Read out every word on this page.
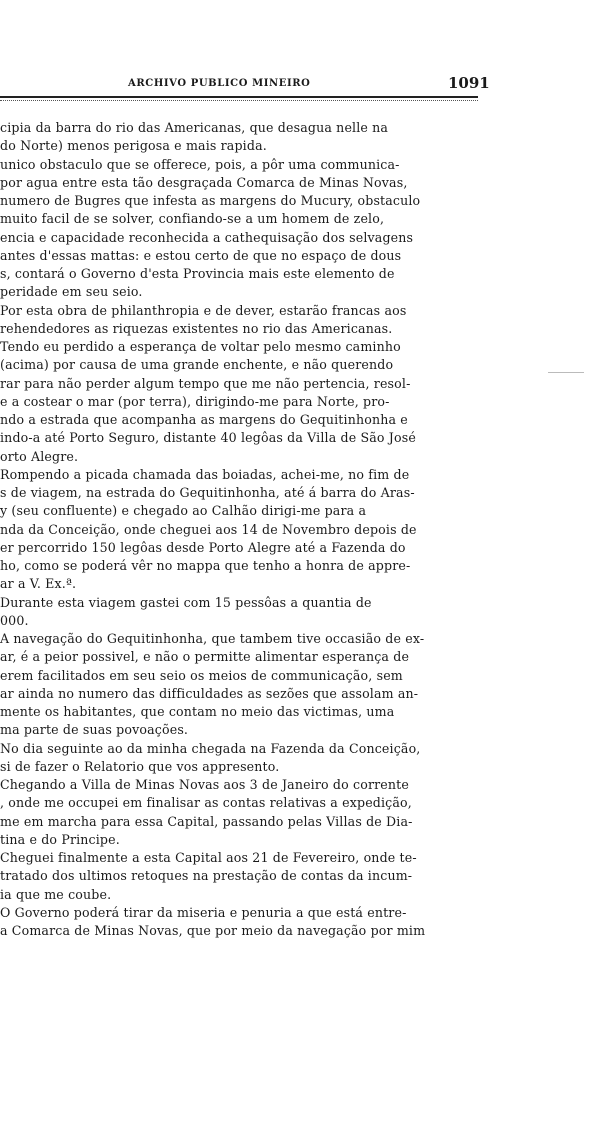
ARCHIVO PUBLICO MINEIRO	1091
cipia da barra do rio das Americanas, que desagua nelle na
do Norte) menos perigosa e mais rapida.
unico obstaculo que se offerece, pois, a pôr uma communica-
por agua entre esta tão desgraçada Comarca de Minas Novas,
numero de Bugres que infesta as margens do Mucury, obstaculo
muito facil de se solver, confiando-se a um homem de zelo,
encia e capacidade reconhecida a cathequisação dos selvagens
antes d'essas mattas: e estou certo de que no espaço de dous
s, contará o Governo d'esta Provincia mais este elemento de
peridade em seu seio.
Por esta obra de philanthropia e de dever, estarão francas aos
rehendedores as riquezas existentes no rio das Americanas.
Tendo eu perdido a esperança de voltar pelo mesmo caminho
(acima) por causa de uma grande enchente, e não querendo
rar para não perder algum tempo que me não pertencia, resol-
e a costear o mar (por terra), dirigindo-me para Norte, pro-
ndo a estrada que acompanha as margens do Gequitinhonha e
indo-a até Porto Seguro, distante 40 legôas da Villa de São José
orto Alegre.
Rompendo a picada chamada das boiadas, achei-me, no fim de
s de viagem, na estrada do Gequitinhonha, até á barra do Aras-
y (seu confluente) e chegado ao Calhão dirigi-me para a
nda da Conceição, onde cheguei aos 14 de Novembro depois de
er percorrido 150 legôas desde Porto Alegre até a Fazenda do
ho, como se poderá vêr no mappa que tenho a honra de appre-
ar a V. Ex.ª.
Durante esta viagem gastei com 15 pessôas a quantia de
000.
A navegação do Gequitinhonha, que tambem tive occasião de ex-
ar, é a peior possivel, e não o permitte alimentar esperança de
erem facilitados em seu seio os meios de communicação, sem
ar ainda no numero das difficuldades as sezões que assolam an-
mente os habitantes, que contam no meio das victimas, uma
ma parte de suas povoações.
No dia seguinte ao da minha chegada na Fazenda da Conceição,
si de fazer o Relatorio que vos appresento.
Chegando a Villa de Minas Novas aos 3 de Janeiro do corrente
, onde me occupei em finalisar as contas relativas a expedição,
me em marcha para essa Capital, passando pelas Villas de Dia-
tina e do Principe.
Cheguei finalmente a esta Capital aos 21 de Fevereiro, onde te-
tratado dos ultimos retoques na prestação de contas da incum-
ia que me coube.
O Governo poderá tirar da miseria e penuria a que está entre-
a Comarca de Minas Novas, que por meio da navegação por mim
